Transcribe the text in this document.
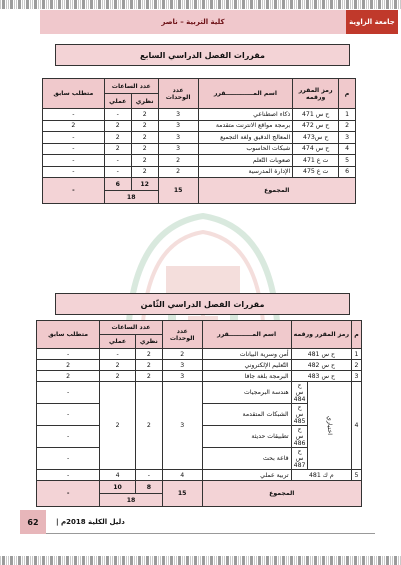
كلية التربية – ناصر	جامعة الزاوية
مقررات الفصل الدراسي السابع
م	رمز المقرر ورقمه	اسم المـــــــــــــقرر	عدد الوحدات	عدد الساعات		متطلب سابق
				نظري	عملي	
1	ح س 471	ذكاء اصطناعي	3	2	-	-
2	ح س 472	برمجة مواقع الانترنت متقدمة	3	2	2	2
3	ح س473	المعالج الدقيق ولغة التجميع	3	2	2	-
4	ح س 474	شبكات الحاسوب	3	2	2	-
5	ت ع 471	صعوبات التّعلم	2	2	-	-
6	ت ع 475	الإدارة المدرسية	2	2	-	-
المجموع			15	12	6	-
				18		
مقررات الفصل الدراسي الثّامن
م	رمز المقرر ورقمه		اسم المـــــــــــقرر	عدد الوحدات	عدد الساعات		متطلب سابق
					نظري	عملي	
1	ح س 481		أمن وسرية البيانات	2	2	-	-
2	ح س 482		التّعليم الإلكتروني	3	2	2	2
3	ح س 483		البرمجة بلغة جافا	3	2	2	2
4	اختياري	ح س 484	هندسة البرمجيات	3	2	2	-
		ح س 485	الشبكات المتقدمة				-
		ح س 486	تطبيقات حديثة				-
		ح س 487	قاعة بحث				-
5	م ك 481		تربية عملي	4	-	4	-
المجموع				15	8	10	-
					18		
62	دليل الكلية 2018م |
